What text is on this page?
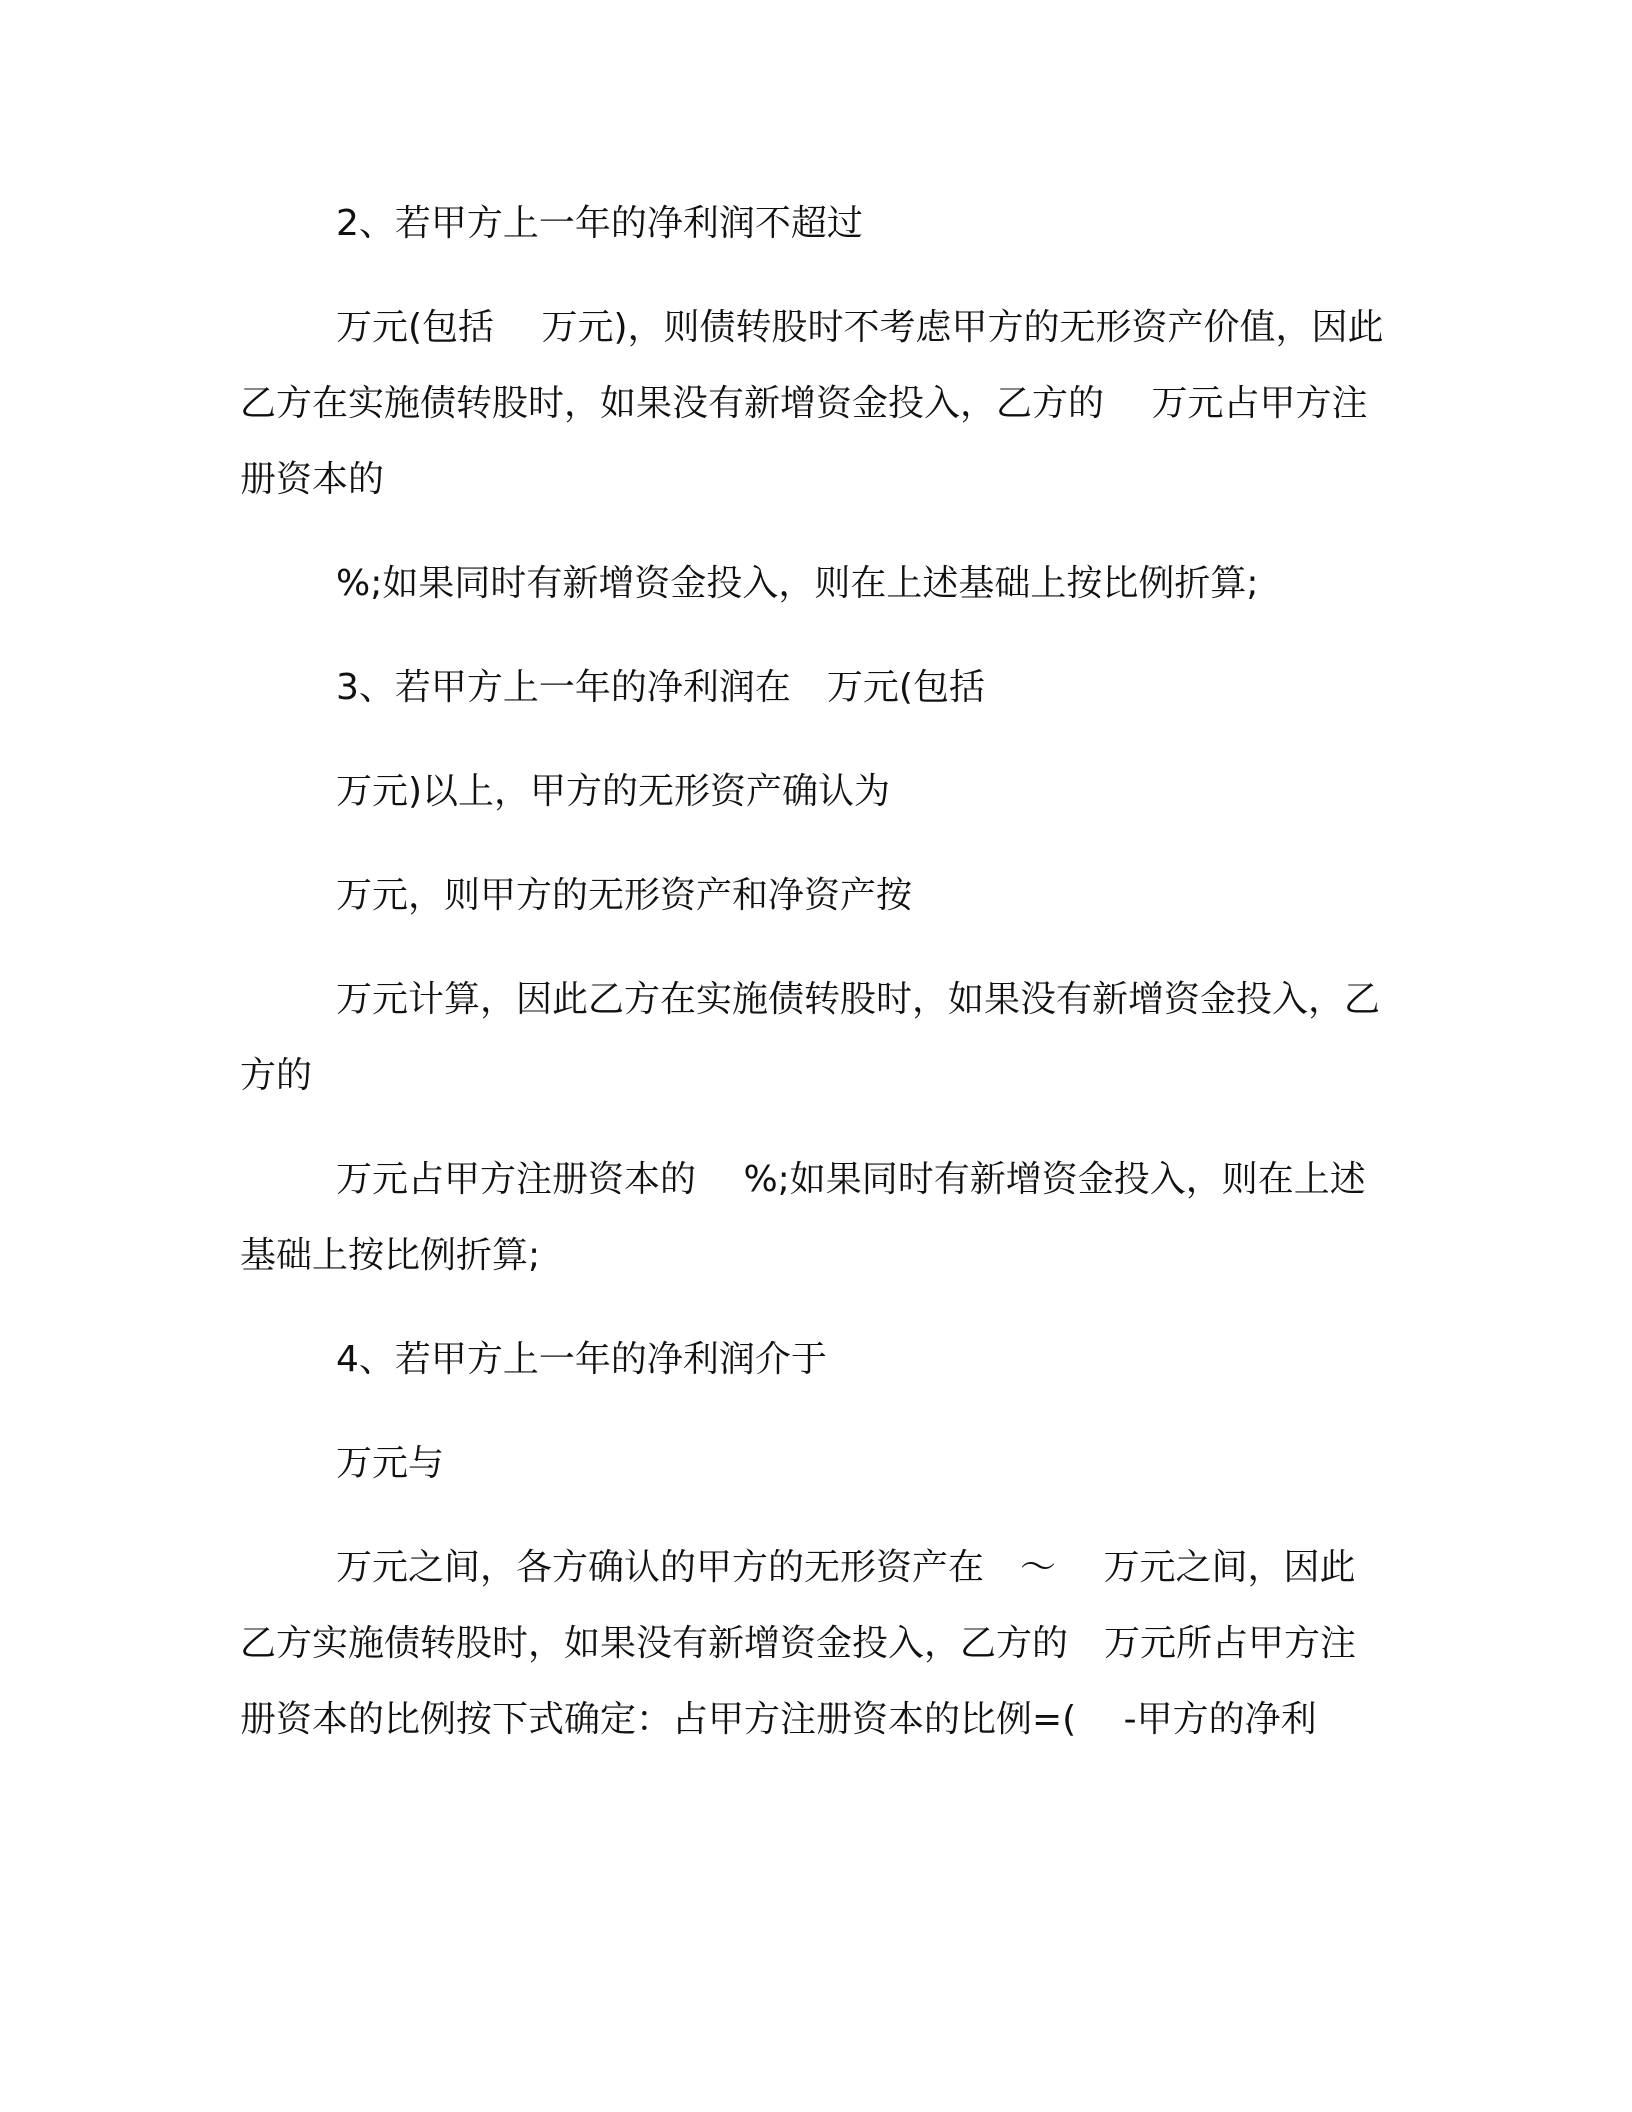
2、若甲方上一年的净利润不超过

万元(包括　 万元)，则债转股时不考虑甲方的无形资产价值，因此乙方在实施债转股时，如果没有新增资金投入，乙方的　 万元占甲方注册资本的

%;如果同时有新增资金投入，则在上述基础上按比例折算;

3、若甲方上一年的净利润在　万元(包括

万元)以上，甲方的无形资产确认为

万元，则甲方的无形资产和净资产按

万元计算，因此乙方在实施债转股时，如果没有新增资金投入，乙方的

万元占甲方注册资本的　 %;如果同时有新增资金投入，则在上述基础上按比例折算;

4、若甲方上一年的净利润介于

万元与

万元之间，各方确认的甲方的无形资产在　～　 万元之间，因此乙方实施债转股时，如果没有新增资金投入，乙方的　万元所占甲方注册资本的比例按下式确定：占甲方注册资本的比例=(　 -甲方的净利
